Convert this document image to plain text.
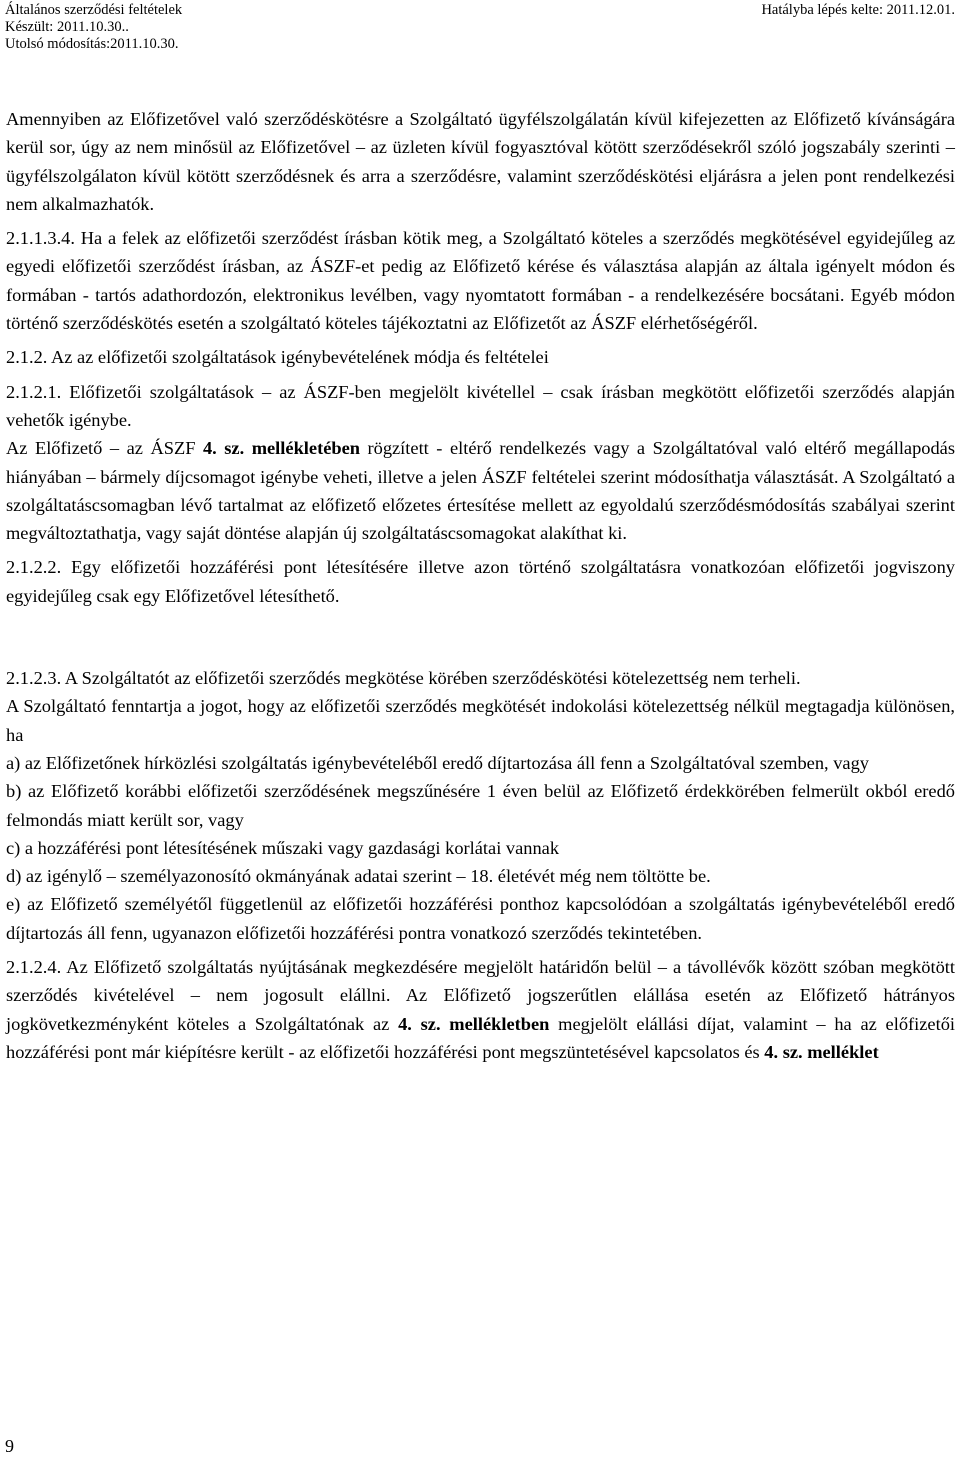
Általános szerződési feltételek	Hatályba lépés kelte: 2011.12.01.
Készült: 2011.10.30..
Utolsó módosítás:2011.10.30.

Amennyiben az Előfizetővel való szerződéskötésre a Szolgáltató ügyfélszolgálatán kívül kifejezetten az Előfizető kívánságára kerül sor, úgy az nem minősül az Előfizetővel – az üzleten kívül fogyasztóval kötött szerződésekről szóló jogszabály szerinti – ügyfélszolgálaton kívül kötött szerződésnek és arra a szerződésre, valamint szerződéskötési eljárásra a jelen pont rendelkezési nem alkalmazhatók.

2.1.1.3.4. Ha a felek az előfizetői szerződést írásban kötik meg, a Szolgáltató köteles a szerződés megkötésével egyidejűleg az egyedi előfizetői szerződést írásban, az ÁSZF-et pedig az Előfizető kérése és választása alapján az általa igényelt módon és formában - tartós adathordozón, elektronikus levélben, vagy nyomtatott formában - a rendelkezésére bocsátani. Egyéb módon történő szerződéskötés esetén a szolgáltató köteles tájékoztatni az Előfizetőt az ÁSZF elérhetőségéről.

2.1.2. Az az előfizetői szolgáltatások igénybevételének módja és feltételei

2.1.2.1. Előfizetői szolgáltatások – az ÁSZF-ben megjelölt kivétellel – csak írásban megkötött előfizetői szerződés alapján vehetők igénybe.

Az Előfizető – az ÁSZF 4. sz. mellékletében rögzített - eltérő rendelkezés vagy a Szolgáltatóval való eltérő megállapodás hiányában – bármely díjcsomagot igénybe veheti, illetve a jelen ÁSZF feltételei szerint módosíthatja választását. A Szolgáltató a szolgáltatáscsomagban lévő tartalmat az előfizető előzetes értesítése mellett az egyoldalú szerződésmódosítás szabályai szerint megváltoztathatja, vagy saját döntése alapján új szolgáltatáscsomagokat alakíthat ki.

2.1.2.2. Egy előfizetői hozzáférési pont létesítésére illetve azon történő szolgáltatásra vonatkozóan előfizetői jogviszony egyidejűleg csak egy Előfizetővel létesíthető.

2.1.2.3. A Szolgáltatót az előfizetői szerződés megkötése körében szerződéskötési kötelezettség nem terheli.

A Szolgáltató fenntartja a jogot, hogy az előfizetői szerződés megkötését indokolási kötelezettség nélkül megtagadja különösen, ha

a) az Előfizetőnek hírközlési szolgáltatás igénybevételéből eredő díjtartozása áll fenn a Szolgáltatóval szemben, vagy

b) az Előfizető korábbi előfizetői szerződésének megszűnésére 1 éven belül az Előfizető érdekkörében felmerült okból eredő felmondás miatt került sor, vagy

c) a hozzáférési pont létesítésének műszaki vagy gazdasági korlátai vannak

d) az igénylő – személyazonosító okmányának adatai szerint – 18. életévét még nem töltötte be.

e) az Előfizető személyétől függetlenül az előfizetői hozzáférési ponthoz kapcsolódóan a szolgáltatás igénybevételéből eredő díjtartozás áll fenn, ugyanazon előfizetői hozzáférési pontra vonatkozó szerződés tekintetében.

2.1.2.4. Az Előfizető szolgáltatás nyújtásának megkezdésére megjelölt határidőn belül – a távollévők között szóban megkötött szerződés kivételével – nem jogosult elállni. Az Előfizető jogszerűtlen elállása esetén az Előfizető hátrányos jogkövetkezményként köteles a Szolgáltatónak az 4. sz. mellékletben megjelölt elállási díjat, valamint – ha az előfizetői hozzáférési pont már kiépítésre került - az előfizetői hozzáférési pont megszüntetésével kapcsolatos és 4. sz. melléklet

9
